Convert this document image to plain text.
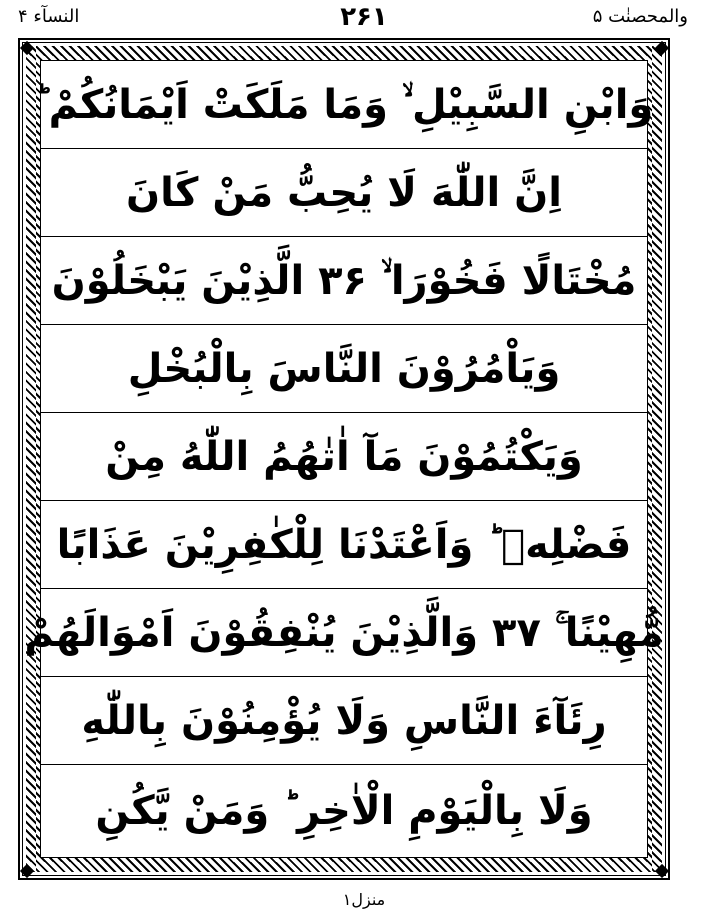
النسآء ۴	۲۶۱	والمحصنٰت ۵
وَابْنِ السَّبِيْلِ ۙ وَمَا مَلَكَتْ اَيْمَانُكُمْ ؕ
اِنَّ اللّٰهَ لَا يُحِبُّ مَنْ كَانَ
مُخْتَالًا فَخُوْرَا ۙ ۳۶ الَّذِيْنَ يَبْخَلُوْنَ
وَيَاْمُرُوْنَ النَّاسَ بِالْبُخْلِ
وَيَكْتُمُوْنَ مَآ اٰتٰهُمُ اللّٰهُ مِنْ
فَضْلِهٖ ؕ وَاَعْتَدْنَا لِلْكٰفِرِيْنَ عَذَابًا
مُّهِيْنًا ۚ ۳۷ وَالَّذِيْنَ يُنْفِقُوْنَ اَمْوَالَهُمْ
رِئَآءَ النَّاسِ وَلَا يُؤْمِنُوْنَ بِاللّٰهِ
وَلَا بِالْيَوْمِ الْاٰخِرِ ؕ وَمَنْ يَّكُنِ
منزل۱
